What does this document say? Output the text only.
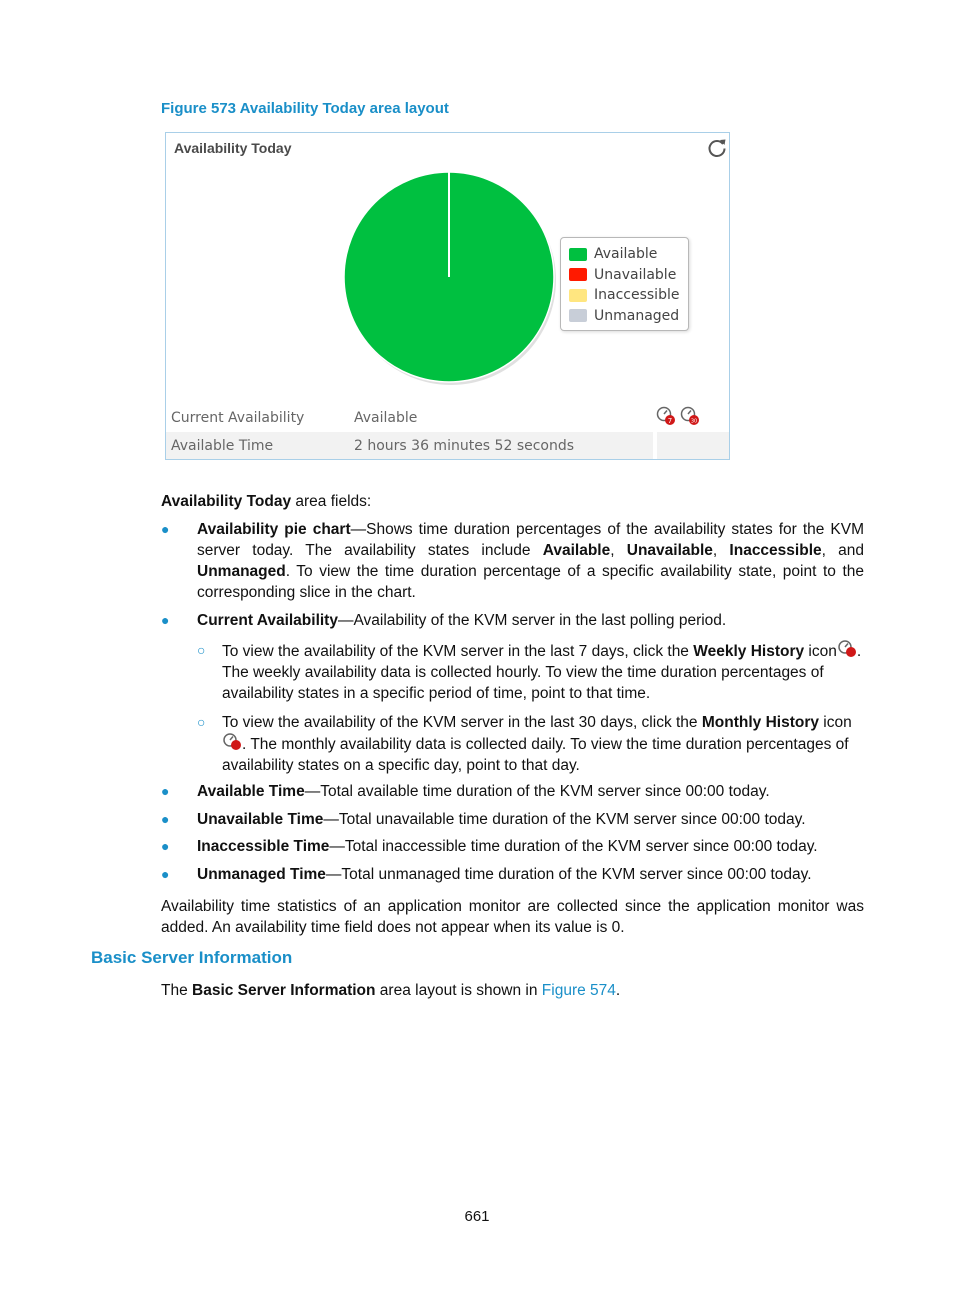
Figure 573 Availability Today area layout
Availability Today
Available
Unavailable
Inaccessible
Unmanaged
Current Availability	Available	7	30
Available Time	2 hours 36 minutes 52 seconds
Availability Today area fields:
● Availability pie chart—Shows time duration percentages of the availability states for the KVM server today. The availability states include Available, Unavailable, Inaccessible, and Unmanaged. To view the time duration percentage of a specific availability state, point to the corresponding slice in the chart.
● Current Availability—Availability of the KVM server in the last polling period.
○ To view the availability of the KVM server in the last 7 days, click the Weekly History icon . The weekly availability data is collected hourly. To view the time duration percentages of availability states in a specific period of time, point to that time.
○ To view the availability of the KVM server in the last 30 days, click the Monthly History icon. The monthly availability data is collected daily. To view the time duration percentages of availability states on a specific day, point to that day.
● Available Time—Total available time duration of the KVM server since 00:00 today.
● Unavailable Time—Total unavailable time duration of the KVM server since 00:00 today.
● Inaccessible Time—Total inaccessible time duration of the KVM server since 00:00 today.
● Unmanaged Time—Total unmanaged time duration of the KVM server since 00:00 today.
Availability time statistics of an application monitor are collected since the application monitor was added. An availability time field does not appear when its value is 0.
Basic Server Information
The Basic Server Information area layout is shown in Figure 574.
661
